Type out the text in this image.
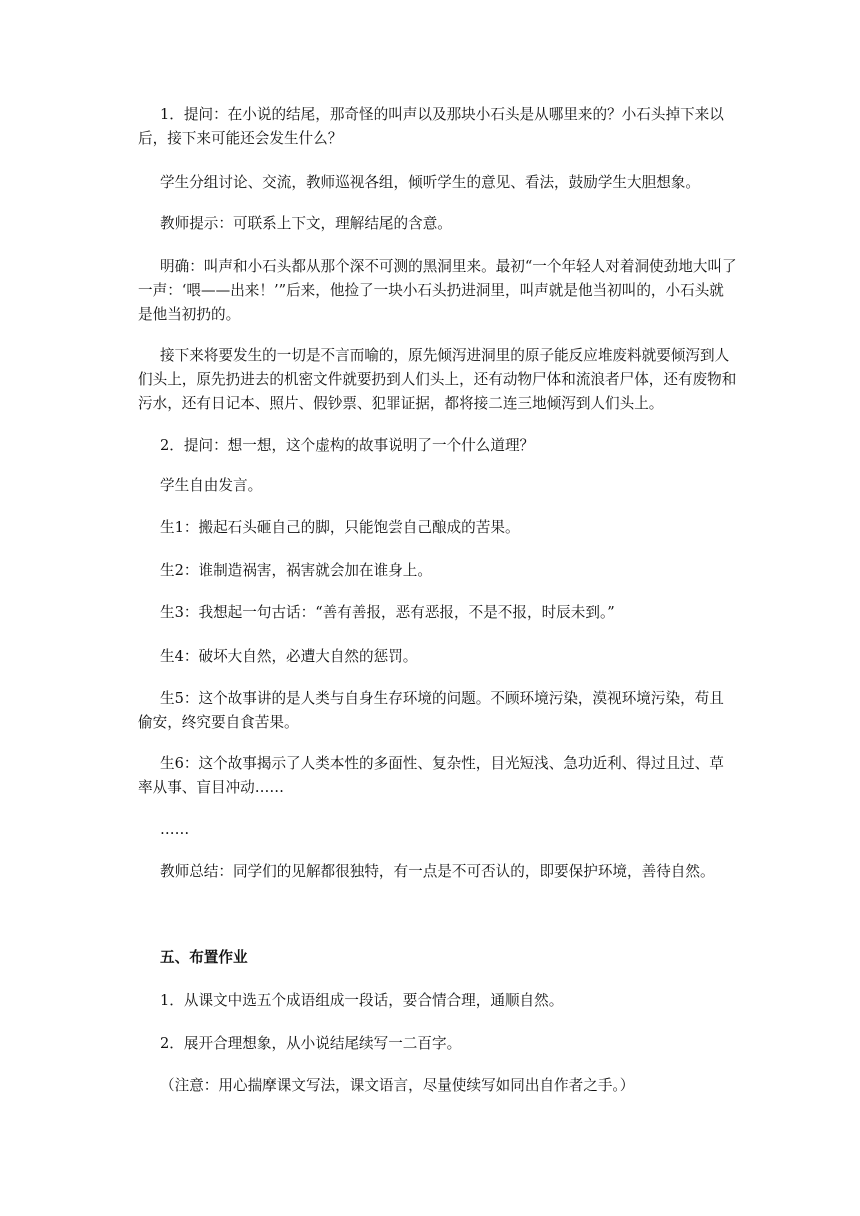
1．提问：在小说的结尾，那奇怪的叫声以及那块小石头是从哪里来的？小石头掉下来以后，接下来可能还会发生什么？

学生分组讨论、交流，教师巡视各组，倾听学生的意见、看法，鼓励学生大胆想象。

教师提示：可联系上下文，理解结尾的含意。

明确：叫声和小石头都从那个深不可测的黑洞里来。最初“一个年轻人对着洞使劲地大叫了一声：‘喂——出来！’”后来，他捡了一块小石头扔进洞里，叫声就是他当初叫的，小石头就是他当初扔的。

接下来将要发生的一切是不言而喻的，原先倾泻进洞里的原子能反应堆废料就要倾泻到人们头上，原先扔进去的机密文件就要扔到人们头上，还有动物尸体和流浪者尸体，还有废物和污水，还有日记本、照片、假钞票、犯罪证据，都将接二连三地倾泻到人们头上。

2．提问：想一想，这个虚构的故事说明了一个什么道理？

学生自由发言。

生1：搬起石头砸自己的脚，只能饱尝自己酿成的苦果。

生2：谁制造祸害，祸害就会加在谁身上。

生3：我想起一句古话：“善有善报，恶有恶报，不是不报，时辰未到。”

生4：破坏大自然，必遭大自然的惩罚。

生5：这个故事讲的是人类与自身生存环境的问题。不顾环境污染，漠视环境污染，苟且偷安，终究要自食苦果。

生6：这个故事揭示了人类本性的多面性、复杂性，目光短浅、急功近利、得过且过、草率从事、盲目冲动……

……

教师总结：同学们的见解都很独特，有一点是不可否认的，即要保护环境，善待自然。

五、布置作业

1．从课文中选五个成语组成一段话，要合情合理，通顺自然。

2．展开合理想象，从小说结尾续写一二百字。

（注意：用心揣摩课文写法，课文语言，尽量使续写如同出自作者之手。）
